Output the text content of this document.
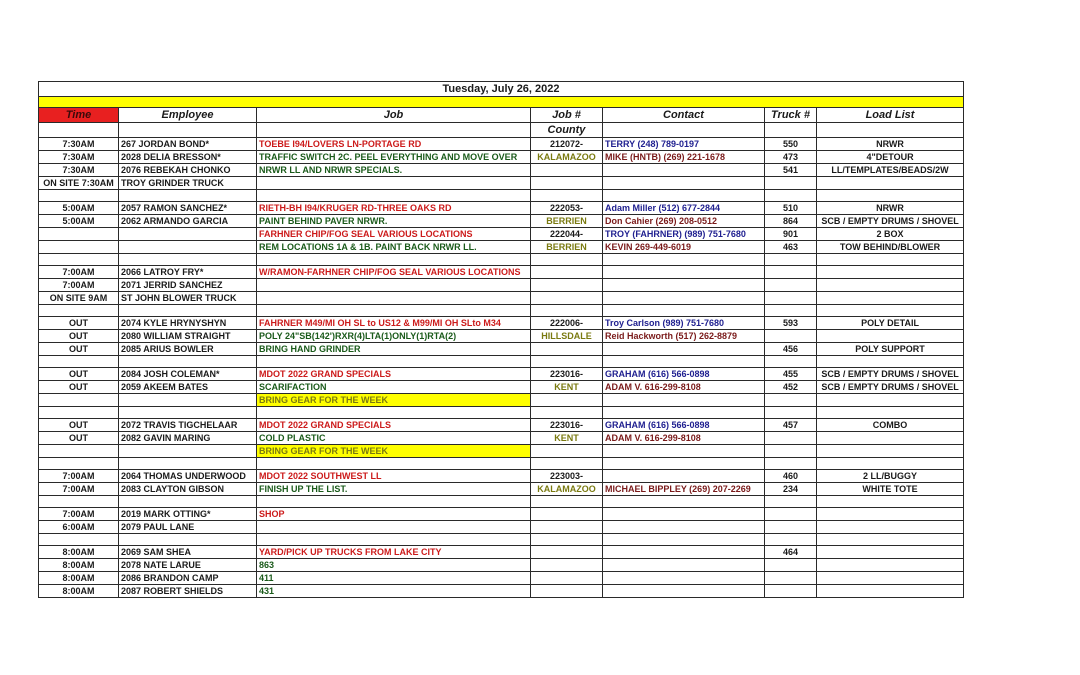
Tuesday, July 26, 2022						

Time	Employee	Job	Job #	Contact	Truck #	Load List
			County			
7:30AM	267 JORDAN BOND*	TOEBE I94/LOVERS LN-PORTAGE RD	212072-	TERRY (248) 789-0197	550	NRWR
7:30AM	2028 DELIA BRESSON*	TRAFFIC SWITCH 2C. PEEL EVERYTHING AND MOVE OVER	KALAMAZOO	MIKE (HNTB) (269) 221-1678	473	4"DETOUR
7:30AM	2076 REBEKAH CHONKO	NRWR LL AND NRWR SPECIALS.			541	LL/TEMPLATES/BEADS/2W
ON SITE 7:30AM	TROY GRINDER TRUCK					

5:00AM	2057 RAMON SANCHEZ*	RIETH-BH I94/KRUGER RD-THREE OAKS RD	222053-	Adam Miller (512) 677-2844	510	NRWR
5:00AM	2062 ARMANDO GARCIA	PAINT BEHIND PAVER NRWR.	BERRIEN	Don Cahier (269) 208-0512	864	SCB / EMPTY DRUMS / SHOVEL
		FARHNER CHIP/FOG SEAL VARIOUS LOCATIONS	222044-	TROY (FAHRNER) (989) 751-7680	901	2 BOX
		REM LOCATIONS 1A & 1B. PAINT BACK NRWR LL.	BERRIEN	KEVIN 269-449-6019	463	TOW BEHIND/BLOWER

7:00AM	2066 LATROY FRY*	W/RAMON-FARHNER CHIP/FOG SEAL VARIOUS LOCATIONS				
7:00AM	2071 JERRID SANCHEZ					
ON SITE 9AM	ST JOHN BLOWER TRUCK					

OUT	2074 KYLE HRYNYSHYN	FAHRNER M49/MI OH SL to US12 & M99/MI OH SLto M34	222006-	Troy Carlson (989) 751-7680	593	POLY DETAIL
OUT	2080 WILLIAM STRAIGHT	POLY 24"SB(142')RXR(4)LTA(1)ONLY(1)RTA(2)	HILLSDALE	Reid Hackworth (517) 262-8879		
OUT	2085 ARIUS BOWLER	BRING HAND GRINDER			456	POLY SUPPORT

OUT	2084 JOSH COLEMAN*	MDOT 2022 GRAND SPECIALS	223016-	GRAHAM (616) 566-0898	455	SCB / EMPTY DRUMS / SHOVEL
OUT	2059 AKEEM BATES	SCARIFACTION	KENT	ADAM V. 616-299-8108	452	SCB / EMPTY DRUMS / SHOVEL
		BRING GEAR FOR THE WEEK				

OUT	2072 TRAVIS TIGCHELAAR	MDOT 2022 GRAND SPECIALS	223016-	GRAHAM (616) 566-0898	457	COMBO
OUT	2082 GAVIN MARING	COLD PLASTIC	KENT	ADAM V. 616-299-8108		
		BRING GEAR FOR THE WEEK				

7:00AM	2064 THOMAS UNDERWOOD	MDOT 2022 SOUTHWEST LL	223003-		460	2 LL/BUGGY
7:00AM	2083 CLAYTON GIBSON	FINISH UP THE LIST.	KALAMAZOO	MICHAEL BIPPLEY (269) 207-2269	234	WHITE TOTE

7:00AM	2019 MARK OTTING*	SHOP				
6:00AM	2079 PAUL LANE					

8:00AM	2069 SAM SHEA	YARD/PICK UP TRUCKS FROM LAKE CITY			464	
8:00AM	2078 NATE LARUE	863				
8:00AM	2086 BRANDON CAMP	411				
8:00AM	2087 ROBERT SHIELDS	431				
